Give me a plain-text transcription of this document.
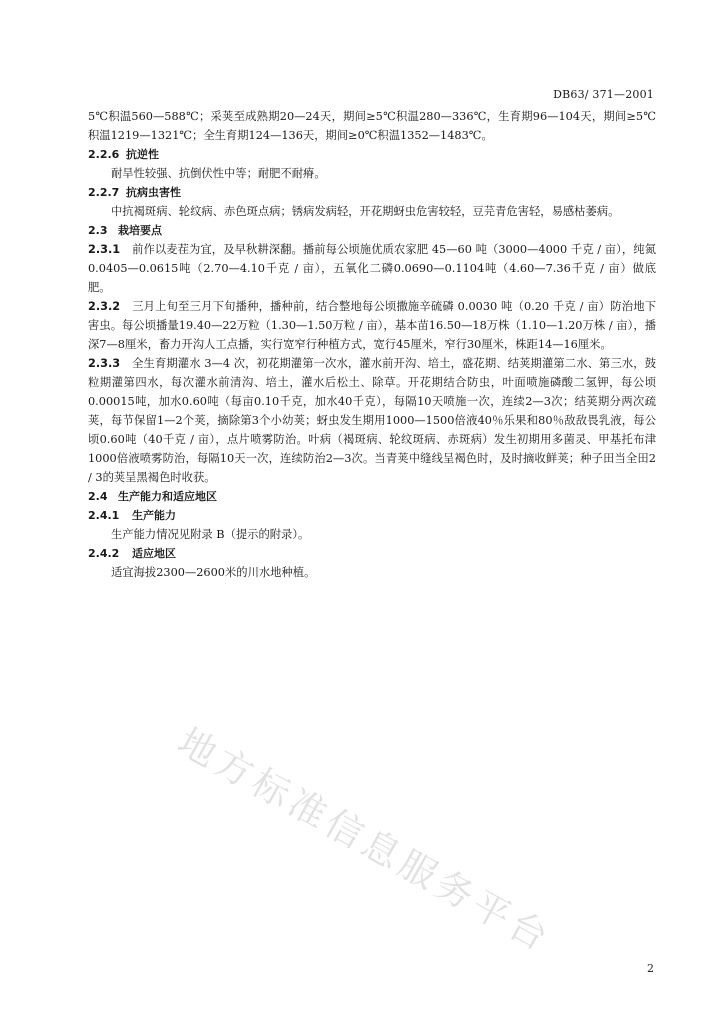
DB63/ 371—2001

5℃积温560—588℃；采荚至成熟期20—24天，期间≥5℃积温280—336℃，生育期96—104天，期间≥5℃积温1219—1321℃；全生育期124—136天，期间≥0℃积温1352—1483℃。

2.2.6 抗逆性

耐旱性较强、抗倒伏性中等；耐肥不耐瘠。

2.2.7 抗病虫害性

中抗褐斑病、轮纹病、赤色斑点病；锈病发病轻，开花期蚜虫危害较轻，豆芫青危害轻，易感枯萎病。

2.3 栽培要点

2.3.1 前作以麦茬为宜，及早秋耕深翻。播前每公顷施优质农家肥 45—60 吨（3000—4000 千克 / 亩），纯氮0.0405—0.0615吨（2.70—4.10千克 / 亩），五氧化二磷0.0690—0.1104吨（4.60—7.36千克 / 亩）做底肥。

2.3.2 三月上旬至三月下旬播种，播种前，结合整地每公顷撒施辛硫磷 0.0030 吨（0.20 千克 / 亩）防治地下害虫。每公顷播量19.40—22万粒（1.30—1.50万粒 / 亩），基本苗16.50—18万株（1.10—1.20万株 / 亩），播深7—8厘米，畜力开沟人工点播，实行宽窄行种植方式，宽行45厘米，窄行30厘米，株距14—16厘米。

2.3.3 全生育期灌水 3—4 次，初花期灌第一次水，灌水前开沟、培土，盛花期、结荚期灌第二水、第三水，鼓粒期灌第四水，每次灌水前清沟、培土，灌水后松土、除草。开花期结合防虫，叶面喷施磷酸二氢钾，每公顷0.00015吨，加水0.60吨（每亩0.10千克，加水40千克），每隔10天喷施一次，连续2—3次；结荚期分两次疏荚，每节保留1—2个荚，摘除第3个小幼荚；蚜虫发生期用1000—1500倍液40％乐果和80％敌敌畏乳液，每公顷0.60吨（40千克 / 亩），点片喷雾防治。叶病（褐斑病、轮纹斑病、赤斑病）发生初期用多菌灵、甲基托布津1000倍液喷雾防治，每隔10天一次，连续防治2—3次。当青荚中缝线呈褐色时，及时摘收鲜荚；种子田当全田2 / 3的荚呈黑褐色时收获。

2.4 生产能力和适应地区

2.4.1 生产能力

生产能力情况见附录 B（提示的附录）。

2.4.2 适应地区

适宜海拔2300—2600米的川水地种植。

地方标准信息服务平台
2
